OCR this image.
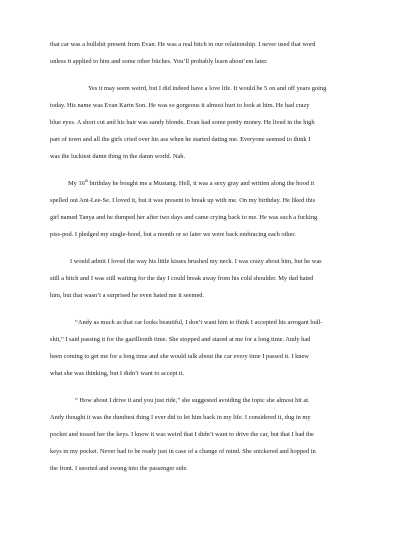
that car was a bullshit present from Evan. He was a real bitch in our relationship. I never used that word
unless it applied to him and some other bitches. You’ll probably learn about’em later.
Yes it may seem weird, but I did indeed have a love life. It would be 5 on and off years going
today. His name was Evan Karin Son. He was so gorgeous it almost hurt to look at him. He had crazy
blue eyes. A short cut and his hair was sandy blonde. Evan had some pretty money. He lived in the high
part of town and all the girls cried over his ass when he started dating me. Everyone seemed to think I
was the luckiest damn thing in the damn world. Nah.
My 16th birthday he bought me a Mustang. Hell, it was a sexy gray and written along the hood it
spelled out Ani-Lee-Se. I loved it, but it was present to break up with me. On my birthday. He liked this
girl named Tanya and he dumped her after two days and came crying back to me. He was such a fucking
piss-pod. I pledged my single-hood, but a month or so later we were back embracing each other.
I would admit I loved the way his little kisses brushed my neck. I was crazy about him, but he was
still a bitch and I was still waiting for the day I could break away from his cold shoulder. My dad hated
him, but that wasn’t a surprised he even hated me it seemed.
“Andy as much as that car looks beautiful, I don’t want him to think I accepted his arrogant bull-
shit,” I said passing it for the gazillionth time. She stopped and stared at me for a long time. Andy had
been coming to get me for a long time and she would talk about the car every time I passed it. I knew
what she was thinking, but I didn’t want to accept it.
“ How about I drive it and you just ride,” she suggested avoiding the topic she almost hit at.
Andy thought it was the dumbest thing I ever did to let him back in my life. I considered it, dug in my
pocket and tossed her the keys. I know it was weird that I didn’t want to drive the car, but that I had the
keys in my pocket. Never had to be ready just in case of a change of mind. She snickered and hopped in
the front. I snorted and swung into the passenger side.
